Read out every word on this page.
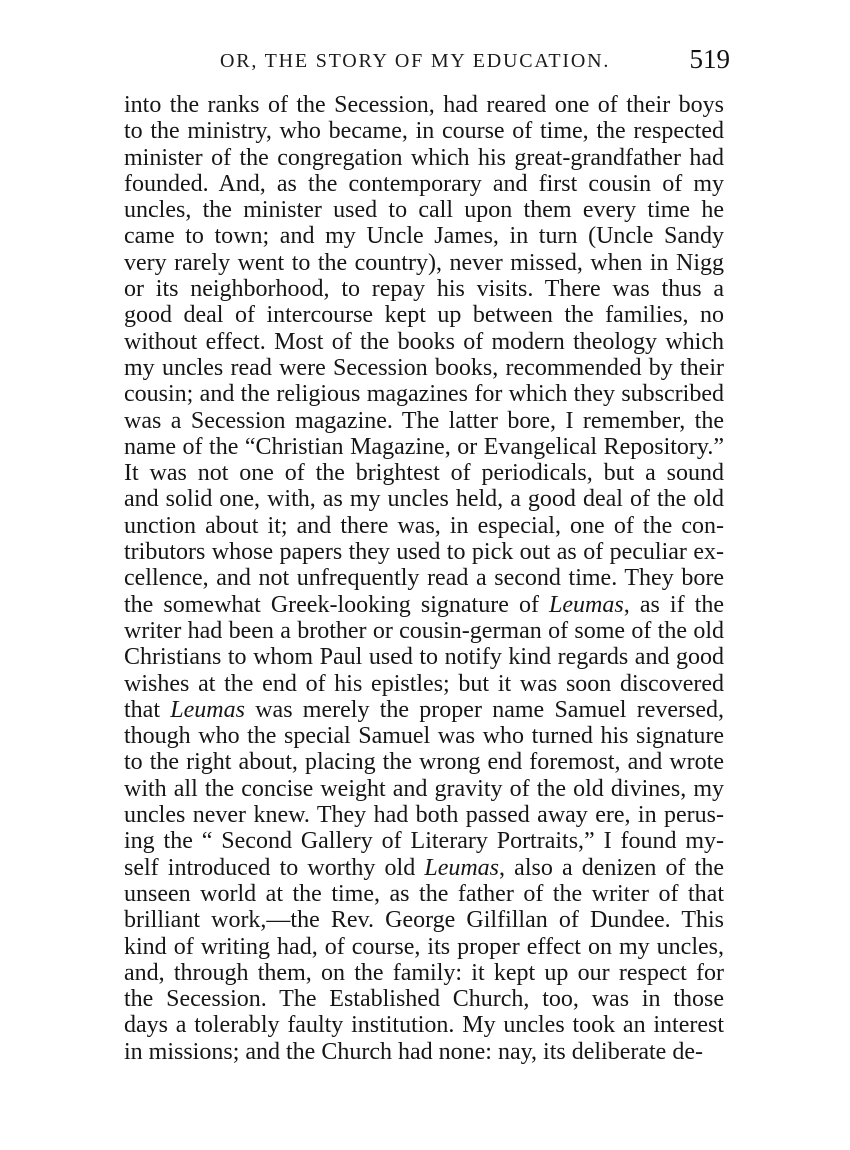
OR, THE STORY OF MY EDUCATION.	519
into the ranks of the Secession, had reared one of their boys
to the ministry, who became, in course of time, the respected
minister of the congregation which his great-grandfather had
founded. And, as the contemporary and first cousin of my
uncles, the minister used to call upon them every time he
came to town; and my Uncle James, in turn (Uncle Sandy
very rarely went to the country), never missed, when in Nigg
or its neighborhood, to repay his visits. There was thus a
good deal of intercourse kept up between the families, no
without effect. Most of the books of modern theology which
my uncles read were Secession books, recommended by their
cousin; and the religious magazines for which they subscribed
was a Secession magazine. The latter bore, I remember, the
name of the “Christian Magazine, or Evangelical Repository.”
It was not one of the brightest of periodicals, but a sound
and solid one, with, as my uncles held, a good deal of the old
unction about it; and there was, in especial, one of the con-
tributors whose papers they used to pick out as of peculiar ex-
cellence, and not unfrequently read a second time. They bore
the somewhat Greek-looking signature of Leumas, as if the
writer had been a brother or cousin-german of some of the old
Christians to whom Paul used to notify kind regards and good
wishes at the end of his epistles; but it was soon discovered
that Leumas was merely the proper name Samuel reversed,
though who the special Samuel was who turned his signature
to the right about, placing the wrong end foremost, and wrote
with all the concise weight and gravity of the old divines, my
uncles never knew. They had both passed away ere, in perus-
ing the “ Second Gallery of Literary Portraits,” I found my-
self introduced to worthy old Leumas, also a denizen of the
unseen world at the time, as the father of the writer of that
brilliant work,—the Rev. George Gilfillan of Dundee. This
kind of writing had, of course, its proper effect on my uncles,
and, through them, on the family: it kept up our respect for
the Secession. The Established Church, too, was in those
days a tolerably faulty institution. My uncles took an interest
in missions; and the Church had none: nay, its deliberate de-
